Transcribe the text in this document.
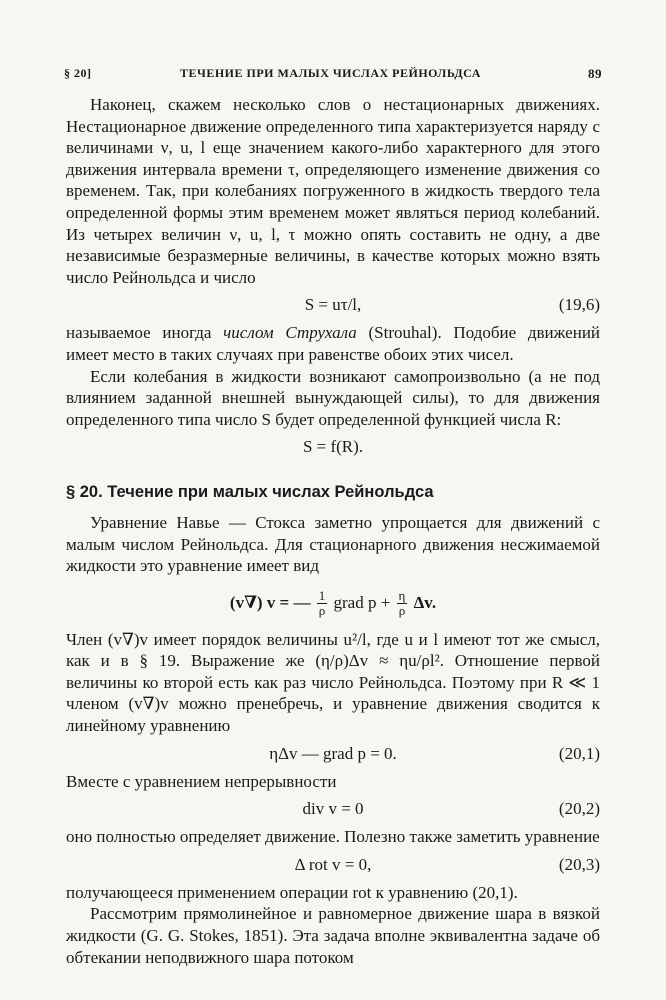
§ 20]	ТЕЧЕНИЕ ПРИ МАЛЫХ ЧИСЛАХ РЕЙНОЛЬДСА	89

Наконец, скажем несколько слов о нестационарных движениях. Нестационарное движение определенного типа характеризуется наряду с величинами ν, u, l еще значением какого-либо характерного для этого движения интервала времени τ, определяющего изменение движения со временем. Так, при колебаниях погруженного в жидкость твердого тела определенной формы этим временем может являться период колебаний. Из четырех величин ν, u, l, τ можно опять составить не одну, а две независимые безразмерные величины, в качестве которых можно взять число Рейнольдса и число

S = uτ/l,	(19,6)

называемое иногда числом Струхала (Strouhal). Подобие движений имеет место в таких случаях при равенстве обоих этих чисел.

Если колебания в жидкости возникают самопроизвольно (а не под влиянием заданной внешней вынуждающей силы), то для движения определенного типа число S будет определенной функцией числа R:

S = f(R).
§ 20. Течение при малых числах Рейнольдса

Уравнение Навье — Стокса заметно упрощается для движений с малым числом Рейнольдса. Для стационарного движения несжимаемой жидкости это уравнение имеет вид

(v∇) v = — $\frac{1}{\rho}$ grad $p + \frac{\eta}{\rho} \Delta v$.

Член (v∇)v имеет порядок величины u²/l, где u и l имеют тот же смысл, как и в § 19. Выражение же (η/ρ)Δv ≈ ηu/ρl². Отношение первой величины ко второй есть как раз число Рейнольдса. Поэтому при R ≪ 1 членом (v∇)v можно пренебречь, и уравнение движения сводится к линейному уравнению

ηΔv — grad p = 0.	(20,1)

Вместе с уравнением непрерывности

div v = 0	(20,2)

оно полностью определяет движение. Полезно также заметить уравнение

Δ rot v = 0,	(20,3)

получающееся применением операции rot к уравнению (20,1).

Рассмотрим прямолинейное и равномерное движение шара в вязкой жидкости (G. G. Stokes, 1851). Эта задача вполне эквивалентна задаче об обтекании неподвижного шара потоком
